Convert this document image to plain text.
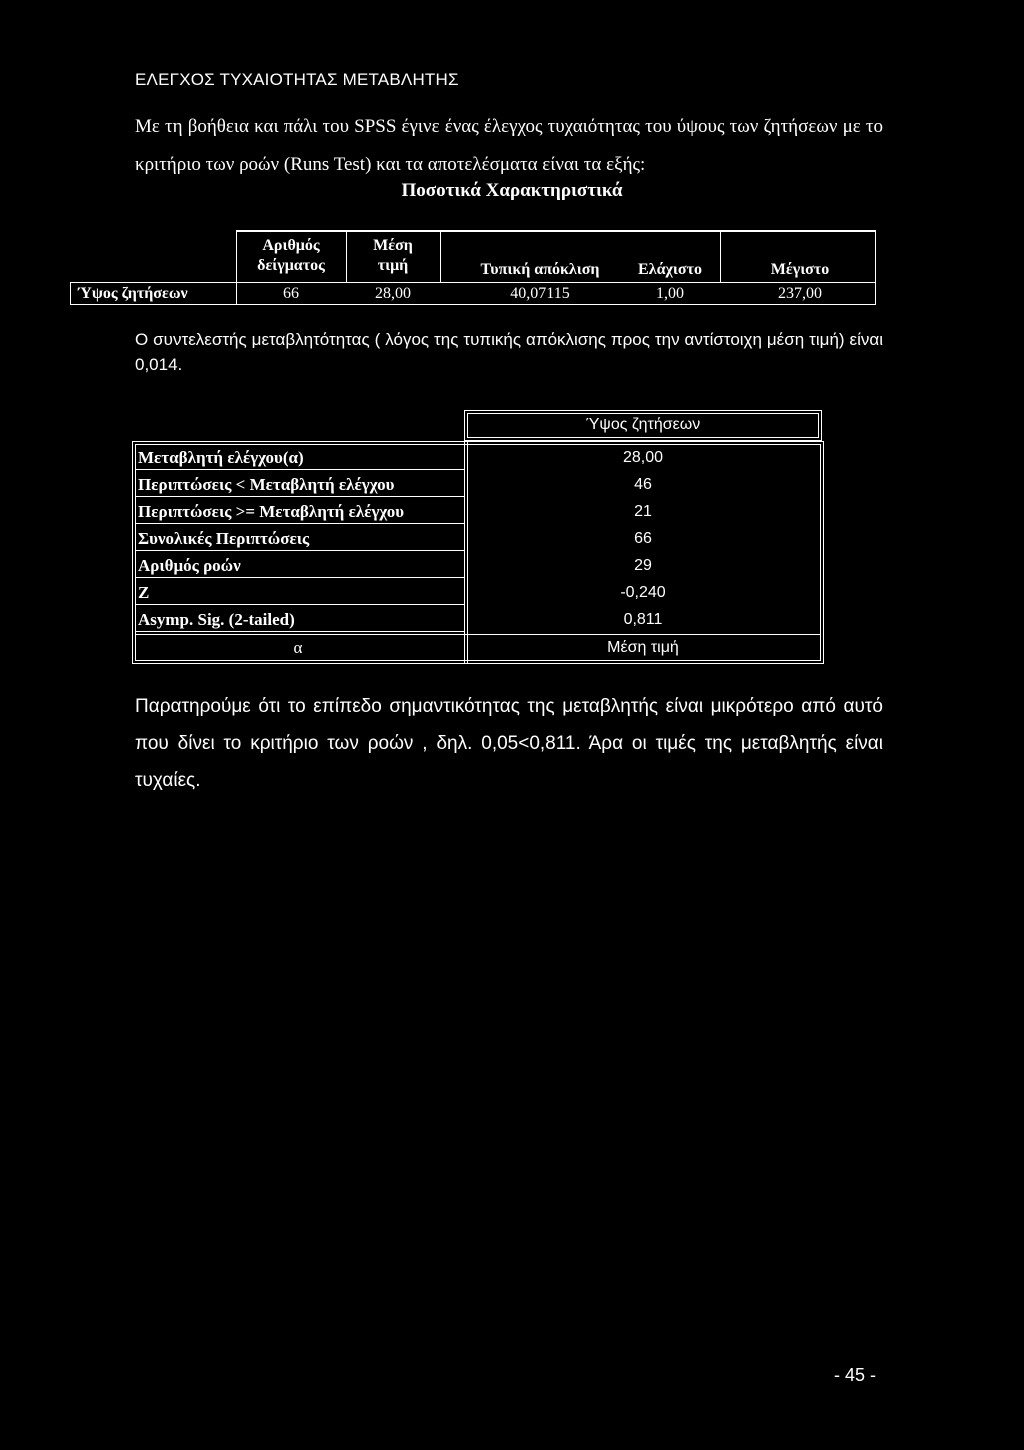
ΕΛΕΓΧΟΣ ΤΥΧΑΙΟΤΗΤΑΣ ΜΕΤΑΒΛΗΤΗΣ
Με τη βοήθεια και πάλι του SPSS έγινε ένας έλεγχος τυχαιότητας του ύψους των ζητήσεων με το κριτήριο των ροών (Runs Test) και τα αποτελέσματα είναι τα εξής:
Ποσοτικά Χαρακτηριστικά
Αριθμός
δείγματος
Μέση
τιμή	Τυπική απόκλιση	Ελάχιστο	Μέγιστο
Ύψος ζητήσεων	66	28,00	40,07115	1,00	237,00
Ο συντελεστής μεταβλητότητας ( λόγος της τυπικής απόκλισης προς την αντίστοιχη μέση τιμή) είναι 0,014.
Ύψος ζητήσεων
Μεταβλητή ελέγχου(α)	28,00
Περιπτώσεις < Μεταβλητή ελέγχου	46
Περιπτώσεις >= Μεταβλητή ελέγχου	21
Συνολικές Περιπτώσεις	66
Αριθμός ροών	29
Z	-0,240
Asymp. Sig. (2-tailed)	0,811
α	Μέση τιμή
Παρατηρούμε ότι το επίπεδο σημαντικότητας της μεταβλητής είναι μικρότερο από αυτό που δίνει το κριτήριο των ροών , δηλ. 0,05<0,811. Άρα οι τιμές της μεταβλητής είναι τυχαίες.
- 45 -
